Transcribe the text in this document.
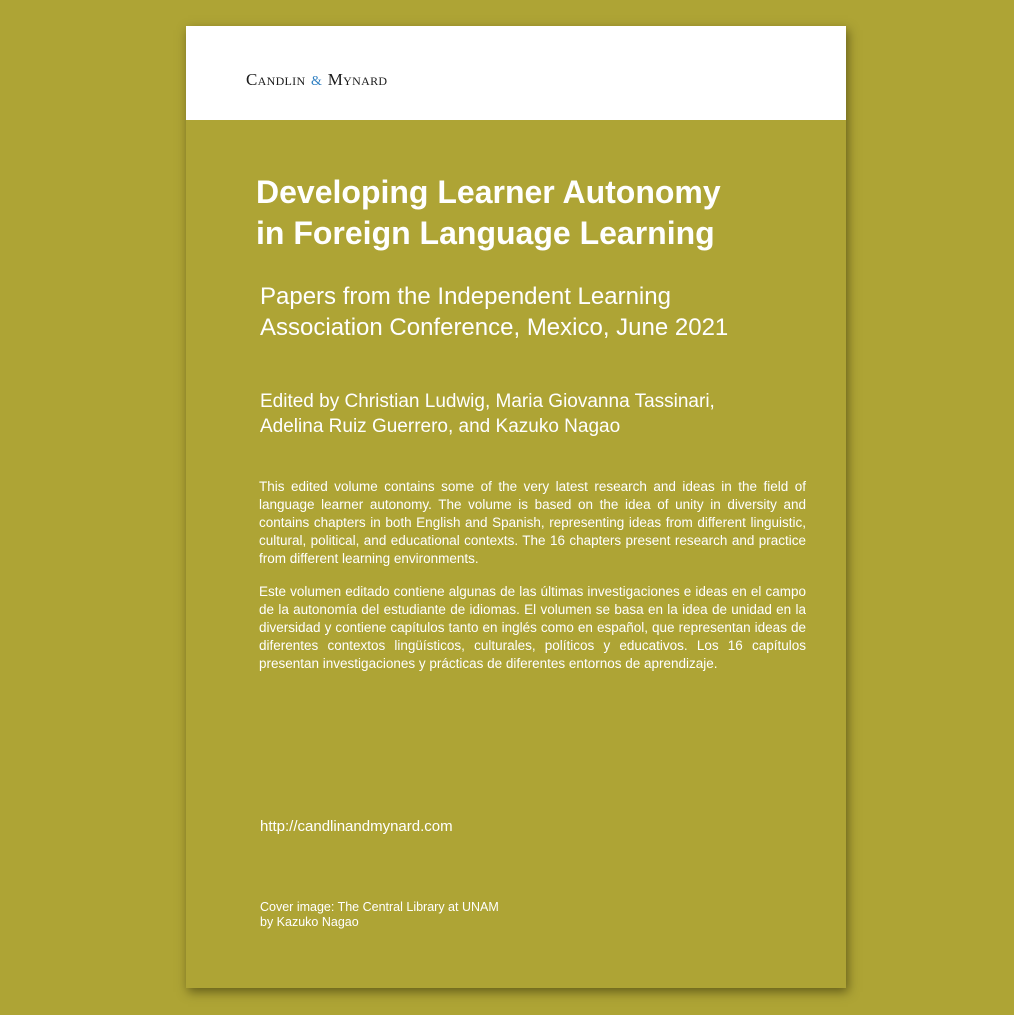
Candlin & Mynard
Developing Learner Autonomy
in Foreign Language Learning

Papers from the Independent Learning
Association Conference, Mexico, June 2021

Edited by Christian Ludwig, Maria Giovanna Tassinari,
Adelina Ruiz Guerrero, and Kazuko Nagao

This edited volume contains some of the very latest research and ideas in the field of language learner autonomy. The volume is based on the idea of unity in diversity and contains chapters in both English and Spanish, representing ideas from different linguistic, cultural, political, and educational contexts. The 16 chapters present research and practice from different learning environments.

Este volumen editado contiene algunas de las últimas investigaciones e ideas en el campo de la autonomía del estudiante de idiomas. El volumen se basa en la idea de unidad en la diversidad y contiene capítulos tanto en inglés como en español, que representan ideas de diferentes contextos lingüísticos, culturales, políticos y educativos. Los 16 capítulos presentan investigaciones y prácticas de diferentes entornos de aprendizaje.

http://candlinandmynard.com

Cover image: The Central Library at UNAM
by Kazuko Nagao
